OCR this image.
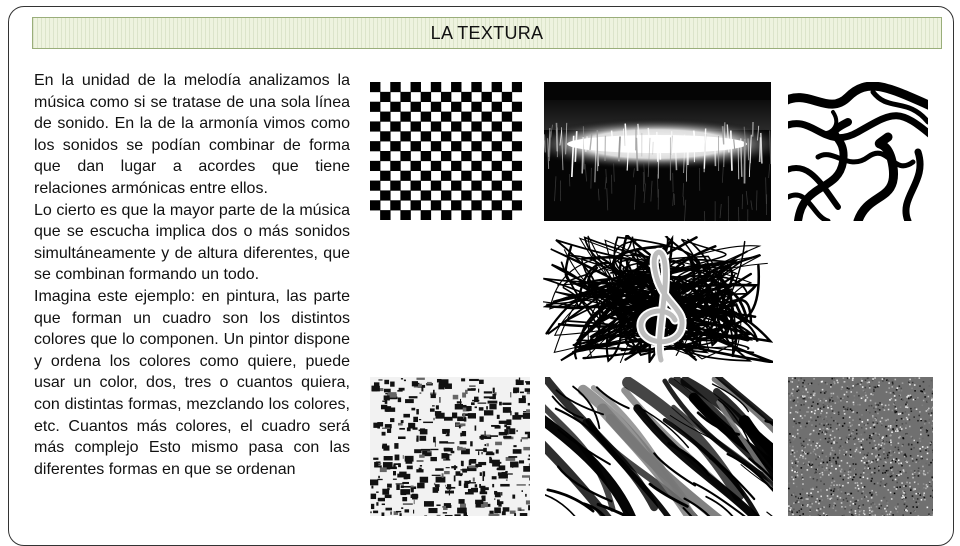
LA TEXTURA

En la unidad de la melodía analizamos la música como si se tratase de una sola línea de sonido. En la de la armonía vimos como los sonidos se podían combinar de forma que dan lugar a acordes que tiene relaciones armónicas entre ellos.

Lo cierto es que la mayor parte de la música que se escucha implica dos o más sonidos simultáneamente y de altura diferentes, que se combinan formando un todo.

Imagina este ejemplo: en pintura, las parte que forman un cuadro son los distintos colores que lo componen. Un pintor dispone y ordena los colores como quiere, puede usar un color, dos, tres o cuantos quiera, con distintas formas, mezclando los colores, etc. Cuantos más colores, el cuadro será más complejo Esto mismo pasa con las diferentes formas en que se ordenan
